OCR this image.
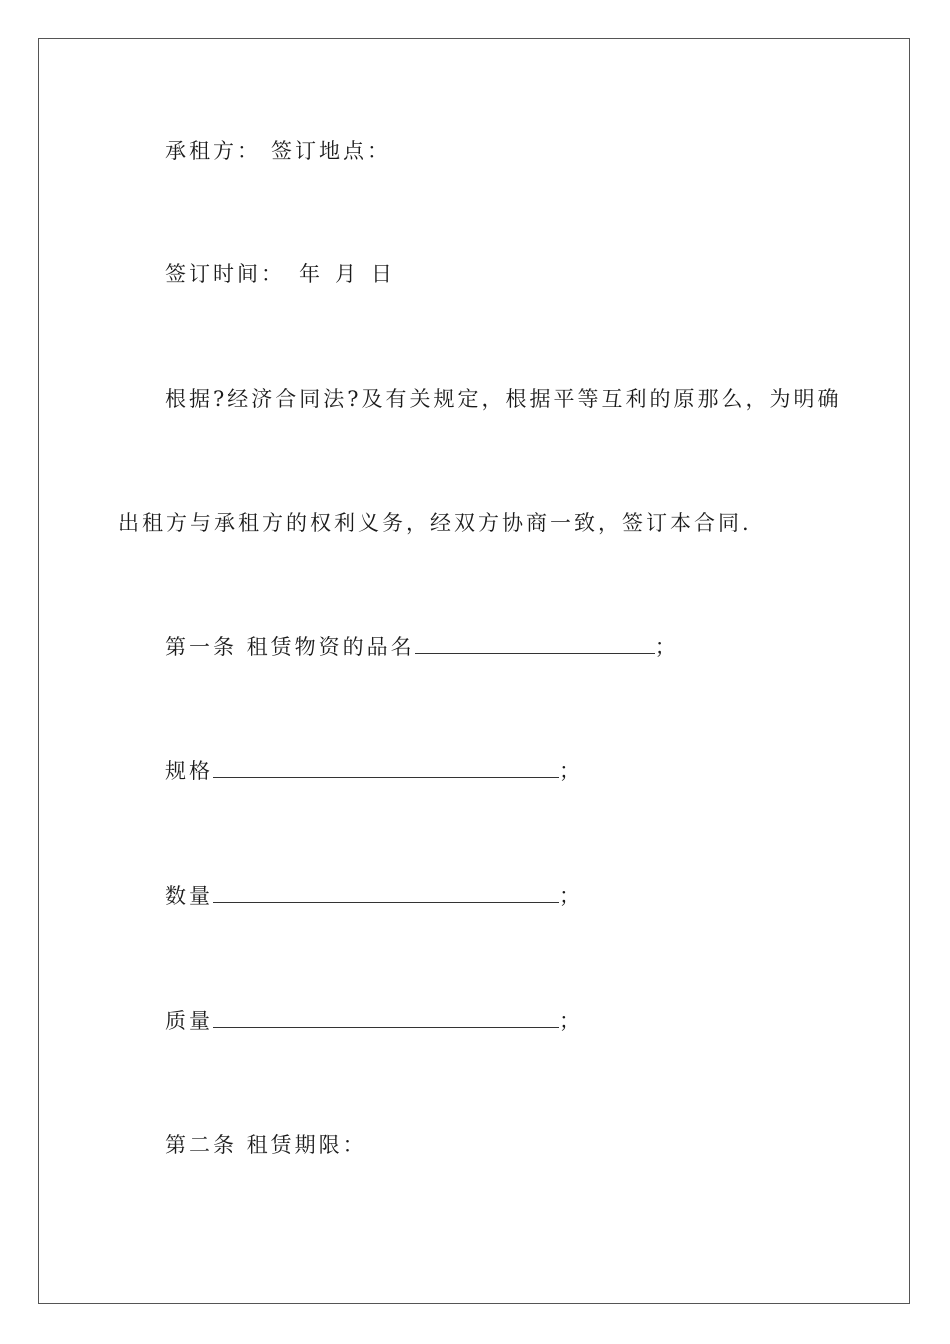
承租方： 签订地点：
签订时间： 年 月 日
根据?经济合同法?及有关规定，根据平等互利的原那么，为明确
出租方与承租方的权利义务，经双方协商一致，签订本合同.
第一条 租赁物资的品名	；
规格	；
数量	；
质量	；
第二条 租赁期限：
